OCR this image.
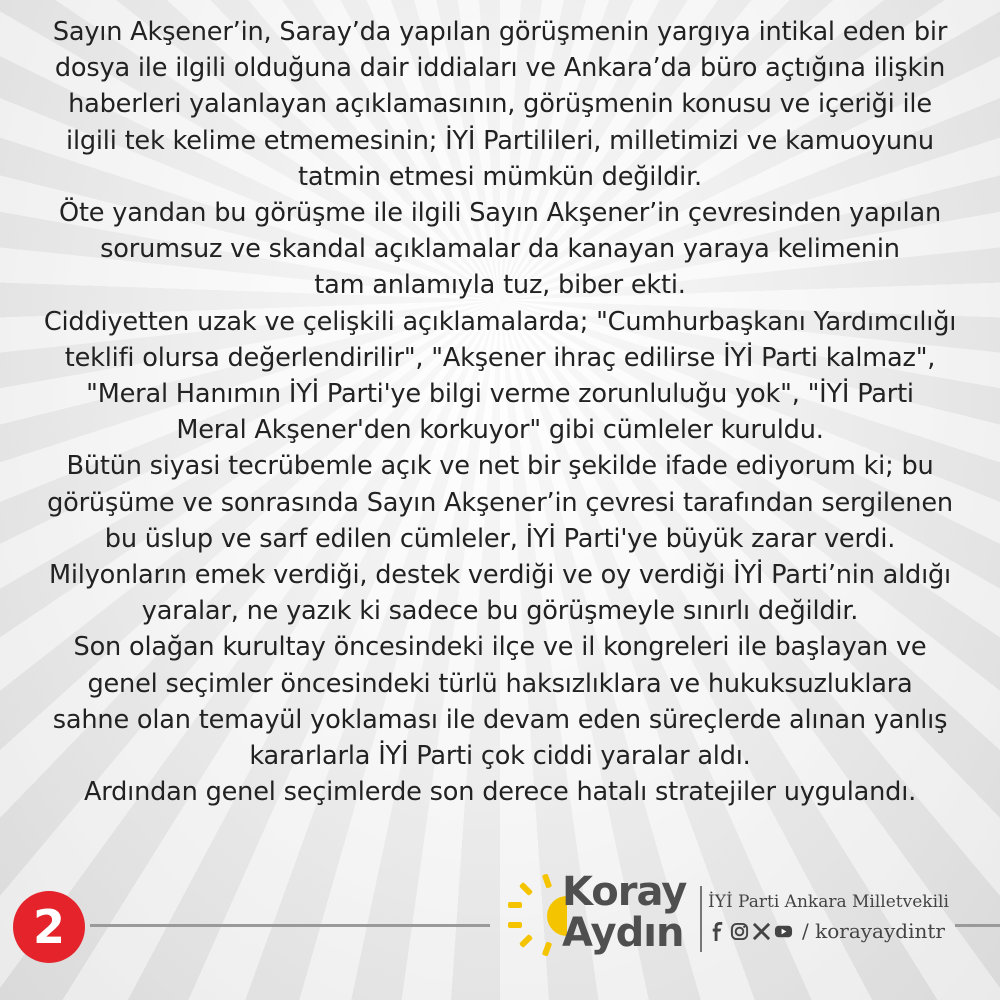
Sayın Akşener’in, Saray’da yapılan görüşmenin yargıya intikal eden bir

dosya ile ilgili olduğuna dair iddiaları ve Ankara’da büro açtığına ilişkin

haberleri yalanlayan açıklamasının, görüşmenin konusu ve içeriği ile

ilgili tek kelime etmemesinin; İYİ Partilileri, milletimizi ve kamuoyunu

tatmin etmesi mümkün değildir.

Öte yandan bu görüşme ile ilgili Sayın Akşener’in çevresinden yapılan

sorumsuz ve skandal açıklamalar da kanayan yaraya kelimenin

tam anlamıyla tuz, biber ekti.

Ciddiyetten uzak ve çelişkili açıklamalarda; "Cumhurbaşkanı Yardımcılığı

teklifi olursa değerlendirilir", "Akşener ihraç edilirse İYİ Parti kalmaz",

"Meral Hanımın İYİ Parti'ye bilgi verme zorunluluğu yok", "İYİ Parti

Meral Akşener'den korkuyor" gibi cümleler kuruldu.

Bütün siyasi tecrübemle açık ve net bir şekilde ifade ediyorum ki; bu

görüşüme ve sonrasında Sayın Akşener’in çevresi tarafından sergilenen

bu üslup ve sarf edilen cümleler, İYİ Parti'ye büyük zarar verdi.

Milyonların emek verdiği, destek verdiği ve oy verdiği İYİ Parti’nin aldığı

yaralar, ne yazık ki sadece bu görüşmeyle sınırlı değildir.

Son olağan kurultay öncesindeki ilçe ve il kongreleri ile başlayan ve

genel seçimler öncesindeki türlü haksızlıklara ve hukuksuzluklara

sahne olan temayül yoklaması ile devam eden süreçlerde alınan yanlış

kararlarla İYİ Parti çok ciddi yaralar aldı.

Ardından genel seçimlerde son derece hatalı stratejiler uygulandı.

2
Koray
Aydın
İYİ Parti Ankara Milletvekili
/ korayaydintr
